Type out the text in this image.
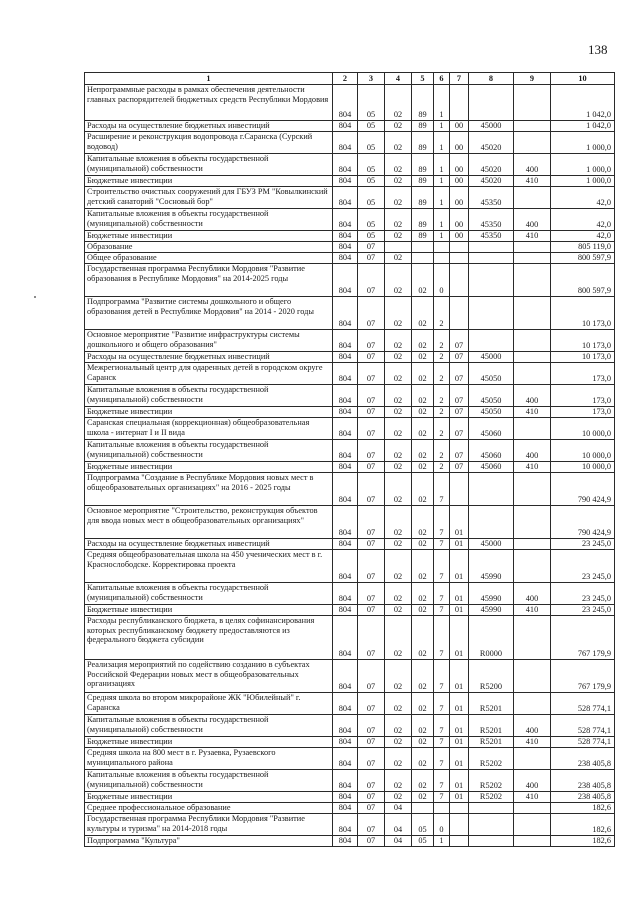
138
1	2	3	4	5	6	7	8	9	10
Непрограммные расходы в рамках обеспечения деятельности главных распорядителей бюджетных средств Республики Мордовия	804	05	02	89	1				1 042,0
Расходы на осуществление бюджетных инвестиций	804	05	02	89	1	00	45000		1 042,0
Расширение и реконструкция водопровода г.Саранска (Сурский водовод)	804	05	02	89	1	00	45020		1 000,0
Капитальные вложения в объекты государственной (муниципальной) собственности	804	05	02	89	1	00	45020	400	1 000,0
Бюджетные инвестиции	804	05	02	89	1	00	45020	410	1 000,0
Строительство очистных сооружений для ГБУЗ РМ "Ковылкинский детский санаторий "Сосновый бор"	804	05	02	89	1	00	45350		42,0
Капитальные вложения в объекты государственной (муниципальной) собственности	804	05	02	89	1	00	45350	400	42,0
Бюджетные инвестиции	804	05	02	89	1	00	45350	410	42,0
Образование	804	07							805 119,0
Общее образование	804	07	02						800 597,9
Государственная программа Республики Мордовия "Развитие образования в Республике Мордовия" на 2014-2025 годы	804	07	02	02	0				800 597,9
Подпрограмма "Развитие системы дошкольного и общего образования детей в Республике Мордовия" на 2014 - 2020 годы	804	07	02	02	2				10 173,0
Основное мероприятие "Развитие инфраструктуры системы дошкольного и общего образования"	804	07	02	02	2	07			10 173,0
Расходы на осуществление бюджетных инвестиций	804	07	02	02	2	07	45000		10 173,0
Межрегиональный центр для одаренных детей в городском округе Саранск	804	07	02	02	2	07	45050		173,0
Капитальные вложения в объекты государственной (муниципальной) собственности	804	07	02	02	2	07	45050	400	173,0
Бюджетные инвестиции	804	07	02	02	2	07	45050	410	173,0
Саранская специальная (коррекционная) общеобразовательная школа - интернат I и II вида	804	07	02	02	2	07	45060		10 000,0
Капитальные вложения в объекты государственной (муниципальной) собственности	804	07	02	02	2	07	45060	400	10 000,0
Бюджетные инвестиции	804	07	02	02	2	07	45060	410	10 000,0
Подпрограмма "Создание в Республике Мордовия новых мест в общеобразовательных организациях" на 2016 - 2025 годы	804	07	02	02	7				790 424,9
Основное мероприятие "Строительство, реконструкция объектов для ввода новых мест в общеобразовательных организациях"	804	07	02	02	7	01			790 424,9
Расходы на осуществление бюджетных инвестиций	804	07	02	02	7	01	45000		23 245,0
Средняя общеобразовательная школа на 450 ученических мест в г. Краснослободске. Корректировка проекта	804	07	02	02	7	01	45990		23 245,0
Капитальные вложения в объекты государственной (муниципальной) собственности	804	07	02	02	7	01	45990	400	23 245,0
Бюджетные инвестиции	804	07	02	02	7	01	45990	410	23 245,0
Расходы республиканского бюджета, в целях софинансирования которых республиканскому бюджету предоставляются из федерального бюджета субсидии	804	07	02	02	7	01	R0000		767 179,9
Реализация мероприятий по содействию созданию в субъектах Российской Федерации новых мест в общеобразовательных организациях	804	07	02	02	7	01	R5200		767 179,9
Средняя школа во втором микрорайоне ЖК "Юбилейный" г. Саранска	804	07	02	02	7	01	R5201		528 774,1
Капитальные вложения в объекты государственной (муниципальной) собственности	804	07	02	02	7	01	R5201	400	528 774,1
Бюджетные инвестиции	804	07	02	02	7	01	R5201	410	528 774,1
Средняя школа на 800 мест в г. Рузаевка, Рузаевского муниципального района	804	07	02	02	7	01	R5202		238 405,8
Капитальные вложения в объекты государственной (муниципальной) собственности	804	07	02	02	7	01	R5202	400	238 405,8
Бюджетные инвестиции	804	07	02	02	7	01	R5202	410	238 405,8
Среднее профессиональное образование	804	07	04						182,6
Государственная программа Республики Мордовия "Развитие культуры и туризма" на 2014-2018 годы	804	07	04	05	0				182,6
Подпрограмма "Культура"	804	07	04	05	1				182,6
